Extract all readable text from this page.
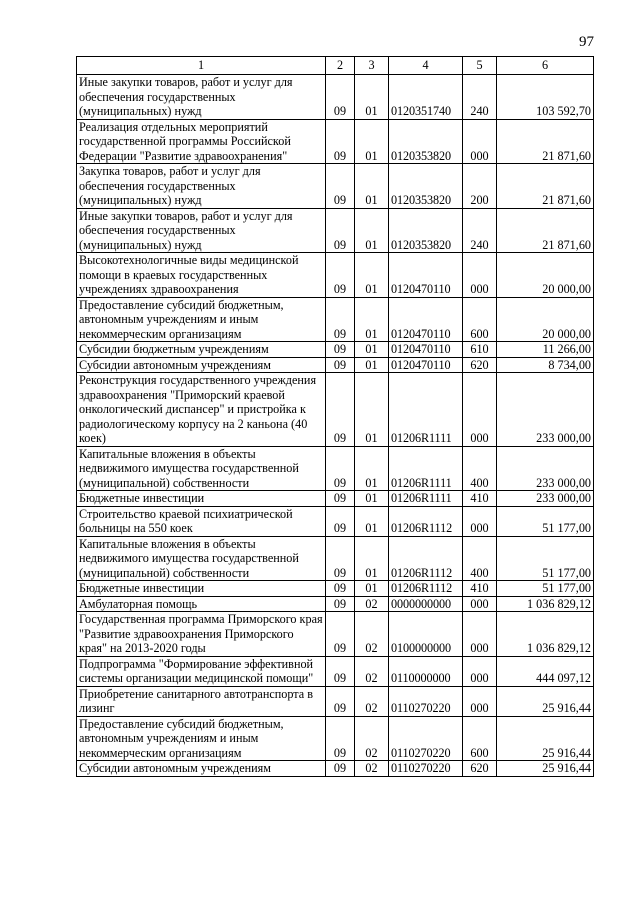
97
1	2	3	4	5	6
Иные закупки товаров, работ и услуг для обеспечения государственных (муниципальных) нужд	09	01	0120351740	240	103 592,70
Реализация отдельных мероприятий государственной программы Российской Федерации "Развитие здравоохранения"	09	01	0120353820	000	21 871,60
Закупка товаров, работ и услуг для обеспечения государственных (муниципальных) нужд	09	01	0120353820	200	21 871,60
Иные закупки товаров, работ и услуг для обеспечения государственных (муниципальных) нужд	09	01	0120353820	240	21 871,60
Высокотехнологичные виды медицинской помощи в краевых государственных учреждениях здравоохранения	09	01	0120470110	000	20 000,00
Предоставление субсидий бюджетным, автономным учреждениям и иным некоммерческим организациям	09	01	0120470110	600	20 000,00
Субсидии бюджетным учреждениям	09	01	0120470110	610	11 266,00
Субсидии автономным учреждениям	09	01	0120470110	620	8 734,00
Реконструкция государственного учреждения здравоохранения "Приморский краевой онкологический диспансер" и пристройка к радиологическому корпусу на 2 каньона (40 коек)	09	01	01206R1111	000	233 000,00
Капитальные вложения в объекты недвижимого имущества государственной (муниципальной) собственности	09	01	01206R1111	400	233 000,00
Бюджетные инвестиции	09	01	01206R1111	410	233 000,00
Строительство краевой психиатрической больницы на 550 коек	09	01	01206R1112	000	51 177,00
Капитальные вложения в объекты недвижимого имущества государственной (муниципальной) собственности	09	01	01206R1112	400	51 177,00
Бюджетные инвестиции	09	01	01206R1112	410	51 177,00
Амбулаторная помощь	09	02	0000000000	000	1 036 829,12
Государственная программа Приморского края "Развитие здравоохранения Приморского края" на 2013-2020 годы	09	02	0100000000	000	1 036 829,12
Подпрограмма "Формирование эффективной системы организации медицинской помощи"	09	02	0110000000	000	444 097,12
Приобретение санитарного автотранспорта в лизинг	09	02	0110270220	000	25 916,44
Предоставление субсидий бюджетным, автономным учреждениям и иным некоммерческим организациям	09	02	0110270220	600	25 916,44
Субсидии автономным учреждениям	09	02	0110270220	620	25 916,44
